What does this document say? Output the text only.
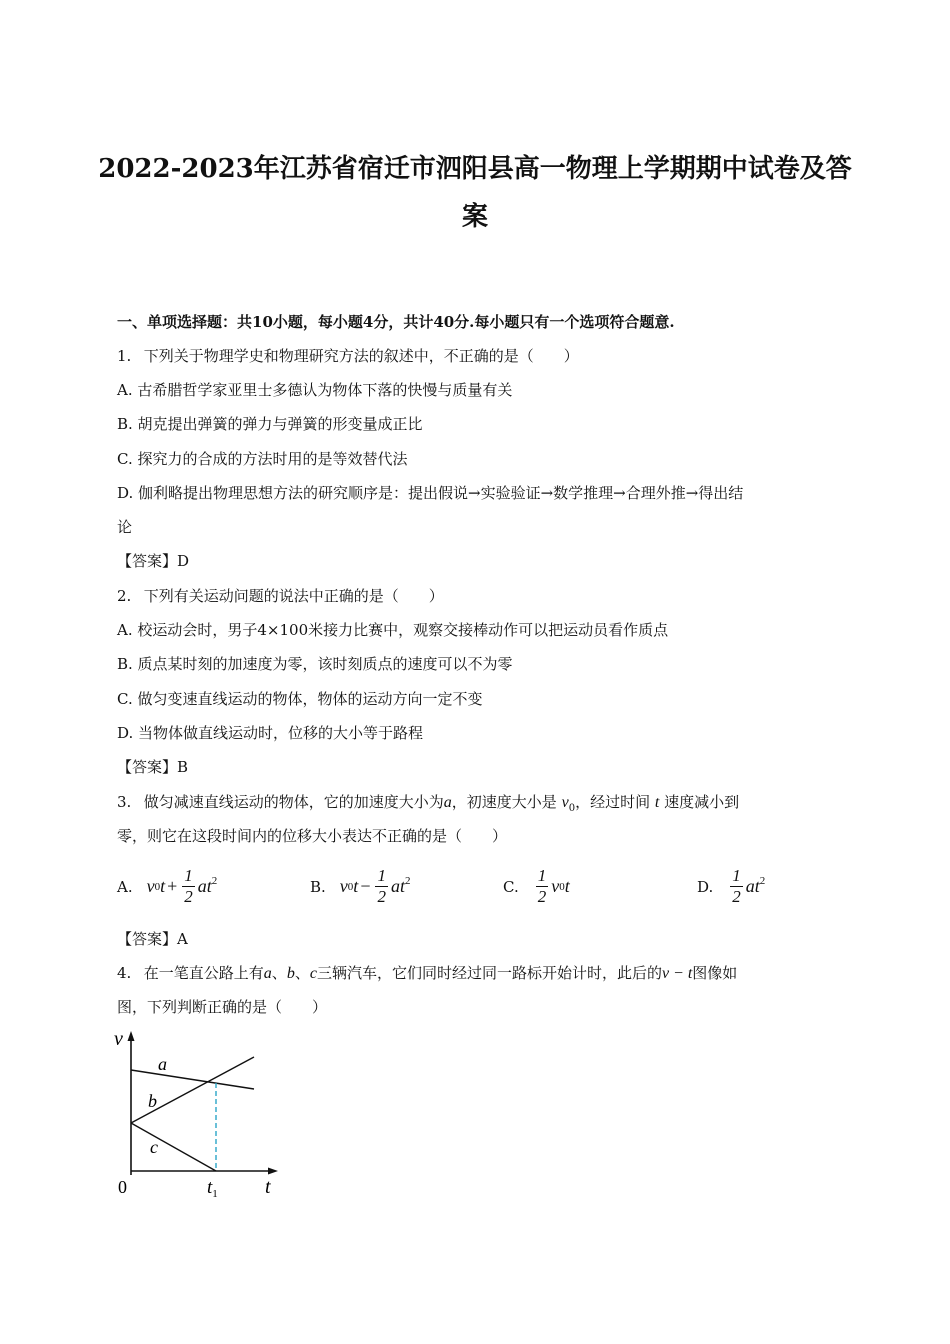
2022-2023年江苏省宿迁市泗阳县高一物理上学期期中试卷及答
案
一、单项选择题：共10小题，每小题4分，共计40分.每小题只有一个选项符合题意.
1. 下列关于物理学史和物理研究方法的叙述中，不正确的是（　　）
A. 古希腊哲学家亚里士多德认为物体下落的快慢与质量有关
B. 胡克提出弹簧的弹力与弹簧的形变量成正比
C. 探究力的合成的方法时用的是等效替代法
D. 伽利略提出物理思想方法的研究顺序是：提出假说→实验验证→数学推理→合理外推→得出结
论
【答案】D
2. 下列有关运动问题的说法中正确的是（　　）
A. 校运动会时，男子4×100米接力比赛中，观察交接棒动作可以把运动员看作质点
B. 质点某时刻的加速度为零，该时刻质点的速度可以不为零
C. 做匀变速直线运动的物体，物体的运动方向一定不变
D. 当物体做直线运动时，位移的大小等于路程
【答案】B
3. 做匀减速直线运动的物体，它的加速度大小为a，初速度大小是 $v_0$，经过时间 t 速度减小到
零，则它在这段时间内的位移大小表达不正确的是（　　）
A. v 0 $t + \frac{1}{2}$ a $t^2$	B. v 0 $t - \frac{1}{2}$ a $t^2$	C. $\frac{1}{2}$ v 0 t	D. $\frac{1}{2}$ a $t^2$
【答案】A
4. 在一笔直公路上有a、b、c三辆汽车，它们同时经过同一路标开始计时，此后的v − t图像如
图，下列判断正确的是（　　）
v
t
0
a
b
c
$t_1$
